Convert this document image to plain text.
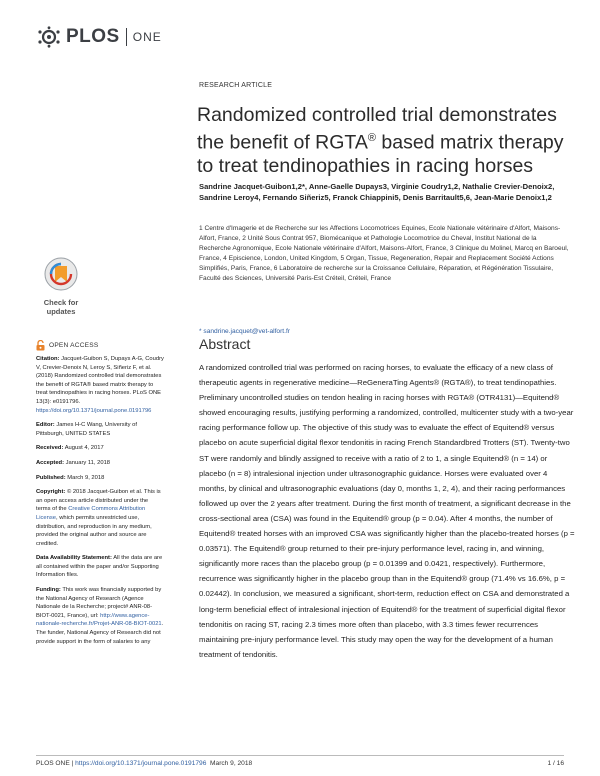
PLOS ONE
RESEARCH ARTICLE
Randomized controlled trial demonstrates the benefit of RGTA® based matrix therapy to treat tendinopathies in racing horses
Sandrine Jacquet-Guibon1,2*, Anne-Gaelle Dupays3, Virginie Coudry1,2, Nathalie Crevier-Denoix2, Sandrine Leroy4, Fernando Siñeriz5, Franck Chiappini5, Denis Barritault5,6, Jean-Marie Denoix1,2
1 Centre d'Imagerie et de Recherche sur les Affections Locomotrices Equines, Ecole Nationale vétérinaire d'Alfort, Maisons-Alfort, France, 2 Unité Sous Contrat 957, Biomécanique et Pathologie Locomotrice du Cheval, Institut National de la Recherche Agronomique, Ecole Nationale vétérinaire d'Alfort, Maisons-Alfort, France, 3 Clinique du Molinel, Marcq en Baroeul, France, 4 Episcience, London, United Kingdom, 5 Organ, Tissue, Regeneration, Repair and Replacement Société Actions Simplifiés, Paris, France, 6 Laboratoire de recherche sur la Croissance Cellulaire, Réparation, et Régénération Tissulaire, Faculté des Sciences, Université Paris-Est Créteil, Créteil, France
* sandrine.jacquet@vet-alfort.fr
Abstract

A randomized controlled trial was performed on racing horses, to evaluate the efficacy of a new class of therapeutic agents in regenerative medicine—ReGeneraTing Agents® (RGTA®), to treat tendinopathies. Preliminary uncontrolled studies on tendon healing in racing horses with RGTA® (OTR4131)—Equitend® showed encouraging results, justifying performing a randomized, controlled, multicenter study with a two-year racing performance follow up. The objective of this study was to evaluate the effect of Equitend® versus placebo on acute superficial digital flexor tendonitis in racing French Standardbred Trotters (ST). Twenty-two ST were randomly and blindly assigned to receive with a ratio of 2 to 1, a single Equitend® (n = 14) or placebo (n = 8) intralesional injection under ultrasonographic guidance. Horses were evaluated over 4 months, by clinical and ultrasonographic evaluations (day 0, months 1, 2, 4), and their racing performances followed up over the 2 years after treatment. During the first month of treatment, a significant decrease in the cross-sectional area (CSA) was found in the Equitend® group (p = 0.04). After 4 months, the number of Equitend® treated horses with an improved CSA was significantly higher than the placebo-treated horses (p = 0.03571). The Equitend® group returned to their pre-injury performance level, racing in, and winning, significantly more races than the placebo group (p = 0.01399 and 0.0421, respectively). Furthermore, recurrence was significantly higher in the placebo group than in the Equitend® group (71.4% vs 16.6%, p = 0.02442). In conclusion, we measured a significant, short-term, reduction effect on CSA and demonstrated a long-term beneficial effect of intralesional injection of Equitend® for the treatment of superficial digital flexor tendonitis on racing ST, racing 2.3 times more often than placebo, with 3.3 times fewer recurrences maintaining pre-injury performance level. This study may open the way for the development of a human treatment of tendonitis.

Check for updates
OPEN ACCESS

Citation: Jacquet-Guibon S, Dupays A-G, Coudry V, Crevier-Denoix N, Leroy S, Siñeriz F, et al. (2018) Randomized controlled trial demonstrates the benefit of RGTA® based matrix therapy to treat tendinopathies in racing horses. PLoS ONE 13(3): e0191796. https://doi.org/10.1371/journal.pone.0191796

Editor: James H-C Wang, University of Pittsburgh, UNITED STATES

Received: August 4, 2017

Accepted: January 11, 2018

Published: March 9, 2018

Copyright: © 2018 Jacquet-Guibon et al. This is an open access article distributed under the terms of the Creative Commons Attribution License, which permits unrestricted use, distribution, and reproduction in any medium, provided the original author and source are credited.

Data Availability Statement: All the data are are all contained within the paper and/or Supporting Information files.

Funding: This work was financially supported by the National Agency of Research (Agence Nationale de la Recherche; project# ANR-08-BIOT-0021, France), url: http://www.agence-nationale-recherche.fr/Projet-ANR-08-BIOT-0021. The funder, National Agency of Research did not provide support in the form of salaries to any

PLOS ONE | https://doi.org/10.1371/journal.pone.0191796
March 9, 2018	1 / 16
